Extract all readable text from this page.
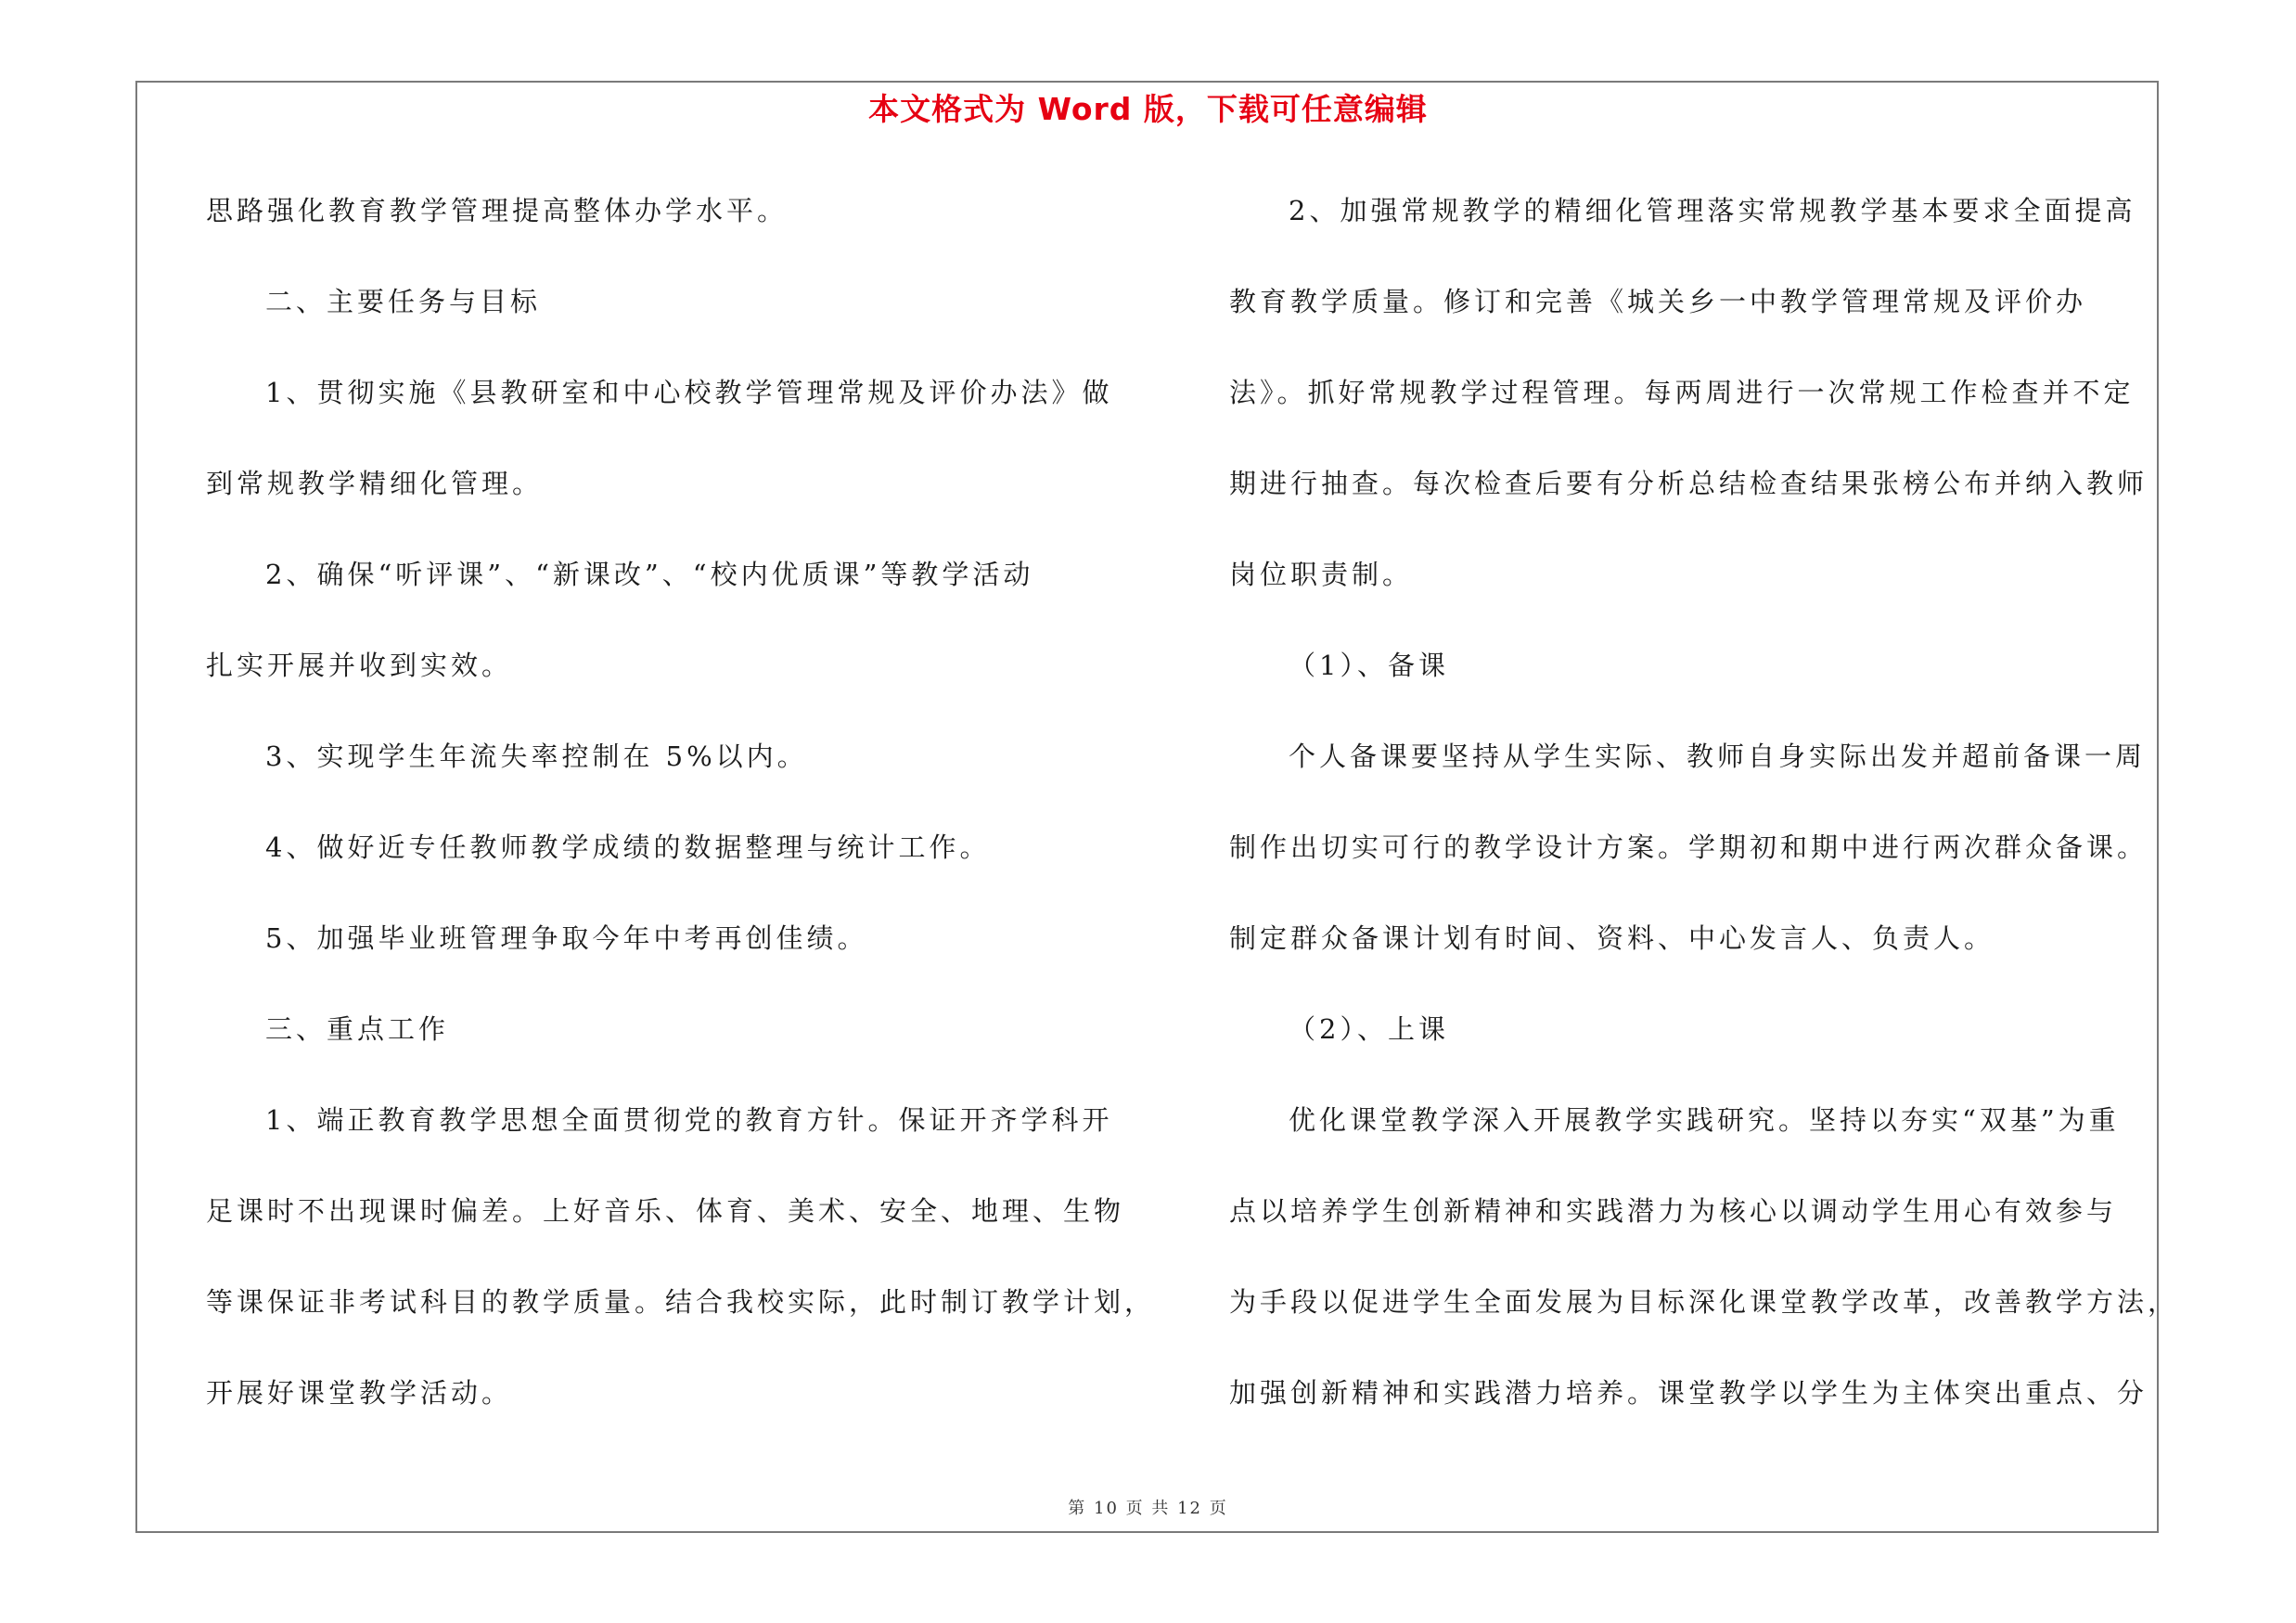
本文格式为 Word 版，下载可任意编辑
思路强化教育教学管理提高整体办学水平。
二、主要任务与目标
1、贯彻实施《县教研室和中心校教学管理常规及评价办法》做
到常规教学精细化管理。
2、确保“听评课”、“新课改”、“校内优质课”等教学活动
扎实开展并收到实效。
3、实现学生年流失率控制在 5%以内。
4、做好近专任教师教学成绩的数据整理与统计工作。
5、加强毕业班管理争取今年中考再创佳绩。
三、重点工作
1、端正教育教学思想全面贯彻党的教育方针。保证开齐学科开
足课时不出现课时偏差。上好音乐、体育、美术、安全、地理、生物
等课保证非考试科目的教学质量。结合我校实际，此时制订教学计划，
开展好课堂教学活动。
2、加强常规教学的精细化管理落实常规教学基本要求全面提高
教育教学质量。修订和完善《城关乡一中教学管理常规及评价办
法》。抓好常规教学过程管理。每两周进行一次常规工作检查并不定
期进行抽查。每次检查后要有分析总结检查结果张榜公布并纳入教师
岗位职责制。
（1）、备课
个人备课要坚持从学生实际、教师自身实际出发并超前备课一周
制作出切实可行的教学设计方案。学期初和期中进行两次群众备课。
制定群众备课计划有时间、资料、中心发言人、负责人。
（2）、上课
优化课堂教学深入开展教学实践研究。坚持以夯实“双基”为重
点以培养学生创新精神和实践潜力为核心以调动学生用心有效参与
为手段以促进学生全面发展为目标深化课堂教学改革，改善教学方法，
加强创新精神和实践潜力培养。课堂教学以学生为主体突出重点、分
第 10 页 共 12 页
